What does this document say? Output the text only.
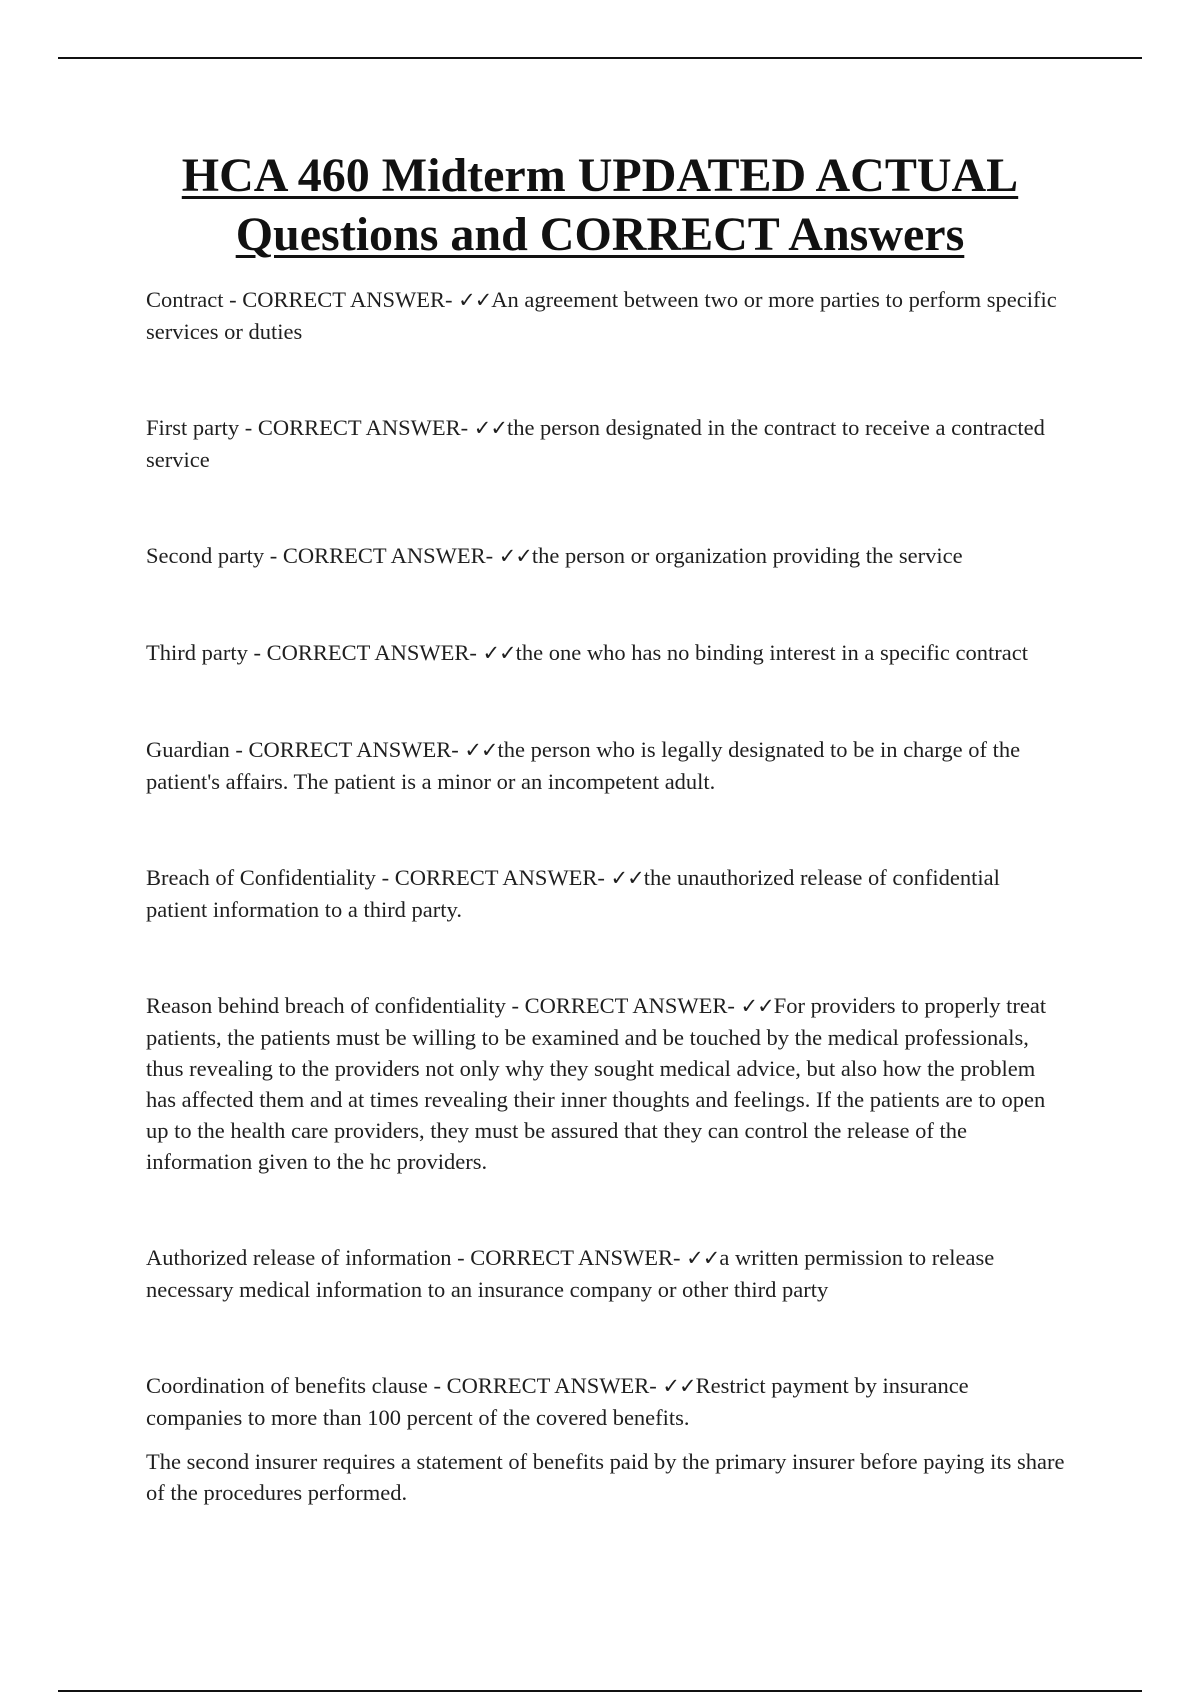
HCA 460 Midterm UPDATED ACTUAL
Questions and CORRECT Answers

Contract - CORRECT ANSWER- ✓✓An agreement between two or more parties to perform specific services or duties

First party - CORRECT ANSWER- ✓✓the person designated in the contract to receive a contracted service

Second party - CORRECT ANSWER- ✓✓the person or organization providing the service

Third party - CORRECT ANSWER- ✓✓the one who has no binding interest in a specific contract

Guardian - CORRECT ANSWER- ✓✓the person who is legally designated to be in charge of the patient's affairs. The patient is a minor or an incompetent adult.

Breach of Confidentiality - CORRECT ANSWER- ✓✓the unauthorized release of confidential patient information to a third party.

Reason behind breach of confidentiality - CORRECT ANSWER- ✓✓For providers to properly treat patients, the patients must be willing to be examined and be touched by the medical professionals, thus revealing to the providers not only why they sought medical advice, but also how the problem has affected them and at times revealing their inner thoughts and feelings. If the patients are to open up to the health care providers, they must be assured that they can control the release of the information given to the hc providers.

Authorized release of information - CORRECT ANSWER- ✓✓a written permission to release necessary medical information to an insurance company or other third party

Coordination of benefits clause - CORRECT ANSWER- ✓✓Restrict payment by insurance companies to more than 100 percent of the covered benefits.

The second insurer requires a statement of benefits paid by the primary insurer before paying its share of the procedures performed.
